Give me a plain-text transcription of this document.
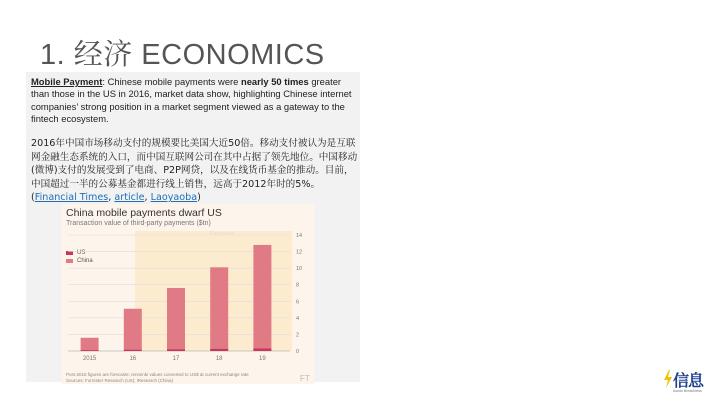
1. 经济 ECONOMICS
Mobile Payment: Chinese mobile payments were nearly 50 times greater than those in the US in 2016, market data show, highlighting Chinese internet companies’ strong position in a market segment viewed as a gateway to the fintech ecosystem.
2016年中国市场移动支付的规模要比美国大近50倍。移动支付被认为是互联网金融生态系统的入口，而中国互联网公司在其中占据了领先地位。中国移动(微博)支付的发展受到了电商、P2P网贷，以及在线货币基金的推动。目前，中国超过一半的公募基金都进行线上销售，远高于2012年时的5%。(Financial Times, article, Laoyaoba)
China mobile payments dwarf US
Transaction value of third-party payments ($tn)
US
China
0
2
4
6
8
10
12
14
2015	16	17	18	19
Post-2015 figures are forecasts; renminbi values converted to US$ at current exchange rate
Sources: Forrester Research (US); iResearch (China)	FT	信息
Asean BreakNews
